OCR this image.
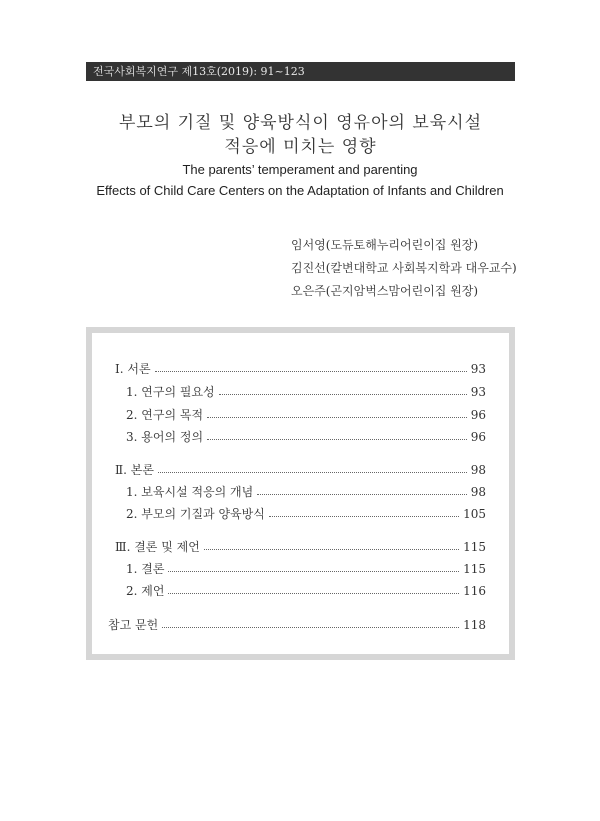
전국사회복지연구 제13호(2019): 91~123
부모의 기질 및 양육방식이 영유아의 보육시설
적응에 미치는 영향
The parents’ temperament and parenting
Effects of Child Care Centers on the Adaptation of Infants and Children
임서영(도듀토해누리어린이집 원장)
김진선(칼변대학교 사회복지학과 대우교수)
오은주(곤지암벅스맘어린이집 원장)
Ⅰ. 서론	93
1. 연구의 필요성	93
2. 연구의 목적	96
3. 용어의 정의	96
Ⅱ. 본론	98
1. 보육시설 적응의 개념	98
2. 부모의 기질과 양육방식	105
Ⅲ. 결론 및 제언	115
1. 결론	115
2. 제언	116
참고 문헌	118
